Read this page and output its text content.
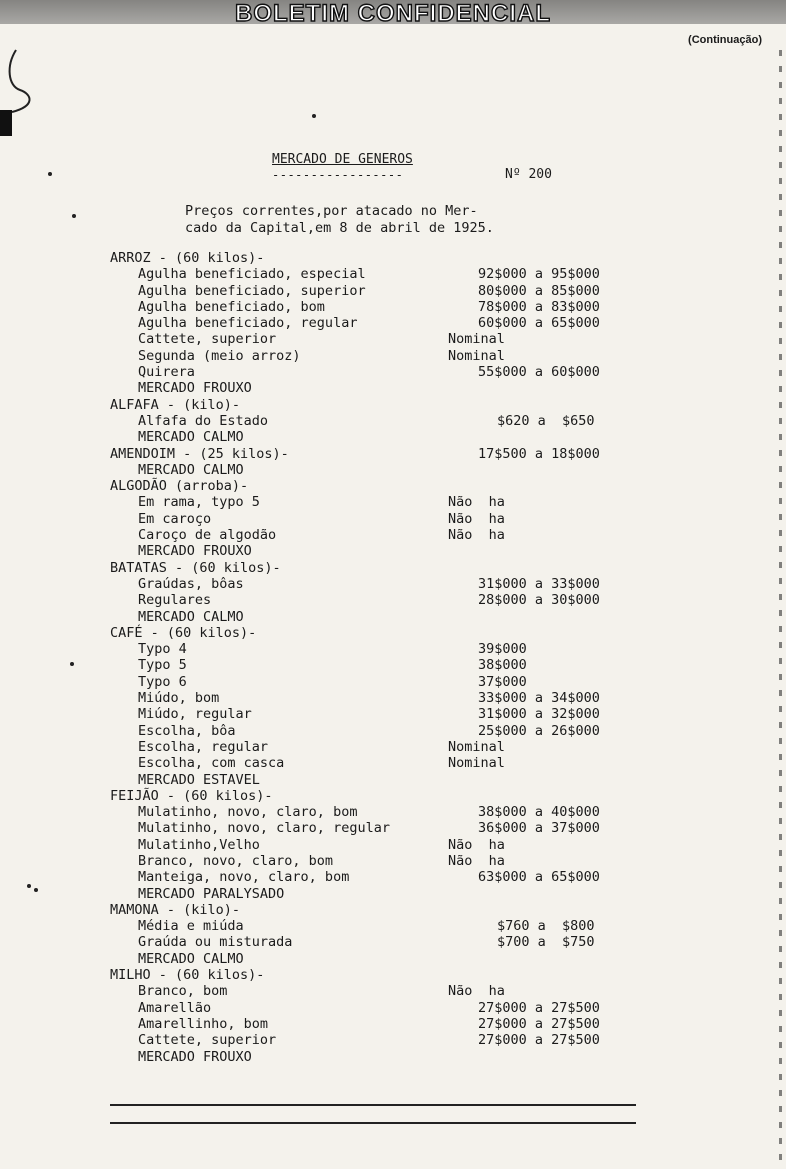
BOLETIM CONFIDENCIAL
(Continuação)
MERCADO DE GENEROS
-----------------	Nº 200
Preços correntes,por atacado no Mer-
cado da Capital,em 8 de abril de 1925.
ARROZ - (60 kilos)-
Agulha beneficiado, especial	92$000 a 95$000
Agulha beneficiado, superior	80$000 a 85$000
Agulha beneficiado, bom	78$000 a 83$000
Agulha beneficiado, regular	60$000 a 65$000
Cattete, superior	Nominal
Segunda (meio arroz)	Nominal
Quirera	55$000 a 60$000
MERCADO FROUXO
ALFAFA - (kilo)-
Alfafa do Estado	$620 a  $650
MERCADO CALMO
AMENDOIM - (25 kilos)-	17$500 a 18$000
MERCADO CALMO
ALGODÃO (arroba)-
Em rama, typo 5	Não  ha
Em caroço	Não  ha
Caroço de algodão	Não  ha
MERCADO FROUXO
BATATAS - (60 kilos)-
Graúdas, bôas	31$000 a 33$000
Regulares	28$000 a 30$000
MERCADO CALMO
CAFÉ - (60 kilos)-
Typo 4	39$000
Typo 5	38$000
Typo 6	37$000
Miúdo, bom	33$000 a 34$000
Miúdo, regular	31$000 a 32$000
Escolha, bôa	25$000 a 26$000
Escolha, regular	Nominal
Escolha, com casca	Nominal
MERCADO ESTAVEL
FEIJÃO - (60 kilos)-
Mulatinho, novo, claro, bom	38$000 a 40$000
Mulatinho, novo, claro, regular	36$000 a 37$000
Mulatinho,Velho	Não  ha
Branco, novo, claro, bom	Não  ha
Manteiga, novo, claro, bom	63$000 a 65$000
MERCADO PARALYSADO
MAMONA - (kilo)-
Média e miúda	$760 a  $800
Graúda ou misturada	$700 a  $750
MERCADO CALMO
MILHO - (60 kilos)-
Branco, bom	Não  ha
Amarellão	27$000 a 27$500
Amarellinho, bom	27$000 a 27$500
Cattete, superior	27$000 a 27$500
MERCADO FROUXO
